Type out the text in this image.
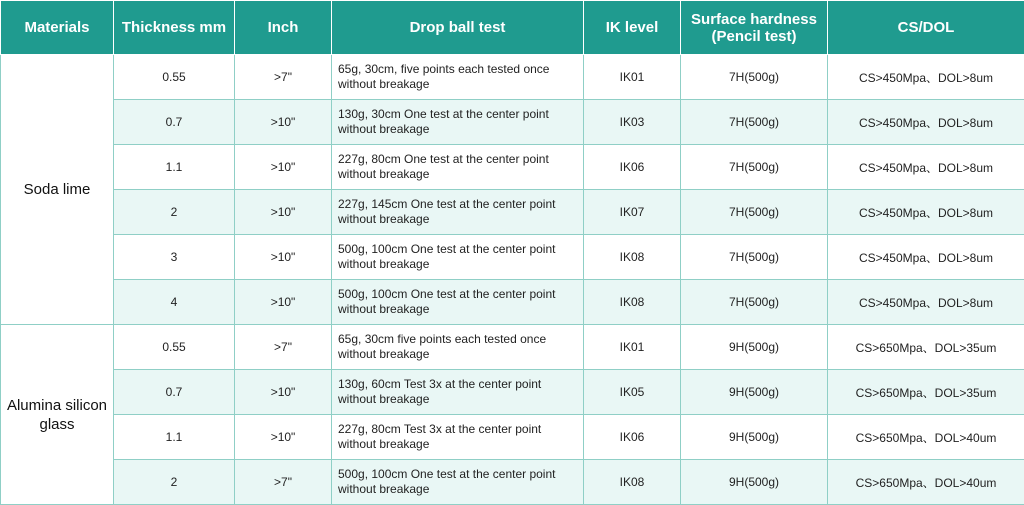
Materials	Thickness mm	Inch	Drop ball test	IK level	Surface hardness (Pencil test)	CS/DOL
Soda lime	0.55	>7"	65g, 30cm, five points each tested once without breakage	IK01	7H(500g)	CS>450Mpa、DOL>8um
	0.7	>10"	130g, 30cm One test at the center point without breakage	IK03	7H(500g)	CS>450Mpa、DOL>8um
	1.1	>10"	227g, 80cm One test at the center point without breakage	IK06	7H(500g)	CS>450Mpa、DOL>8um
	2	>10"	227g, 145cm One test at the center point without breakage	IK07	7H(500g)	CS>450Mpa、DOL>8um
	3	>10"	500g, 100cm One test at the center point without breakage	IK08	7H(500g)	CS>450Mpa、DOL>8um
	4	>10"	500g, 100cm One test at the center point without breakage	IK08	7H(500g)	CS>450Mpa、DOL>8um
Alumina silicon glass	0.55	>7"	65g, 30cm five points each tested once without breakage	IK01	9H(500g)	CS>650Mpa、DOL>35um
	0.7	>10"	130g, 60cm Test 3x at the center point without breakage	IK05	9H(500g)	CS>650Mpa、DOL>35um
	1.1	>10"	227g, 80cm Test 3x at the center point without breakage	IK06	9H(500g)	CS>650Mpa、DOL>40um
	2	>7"	500g, 100cm One test at the center point without breakage	IK08	9H(500g)	CS>650Mpa、DOL>40um
